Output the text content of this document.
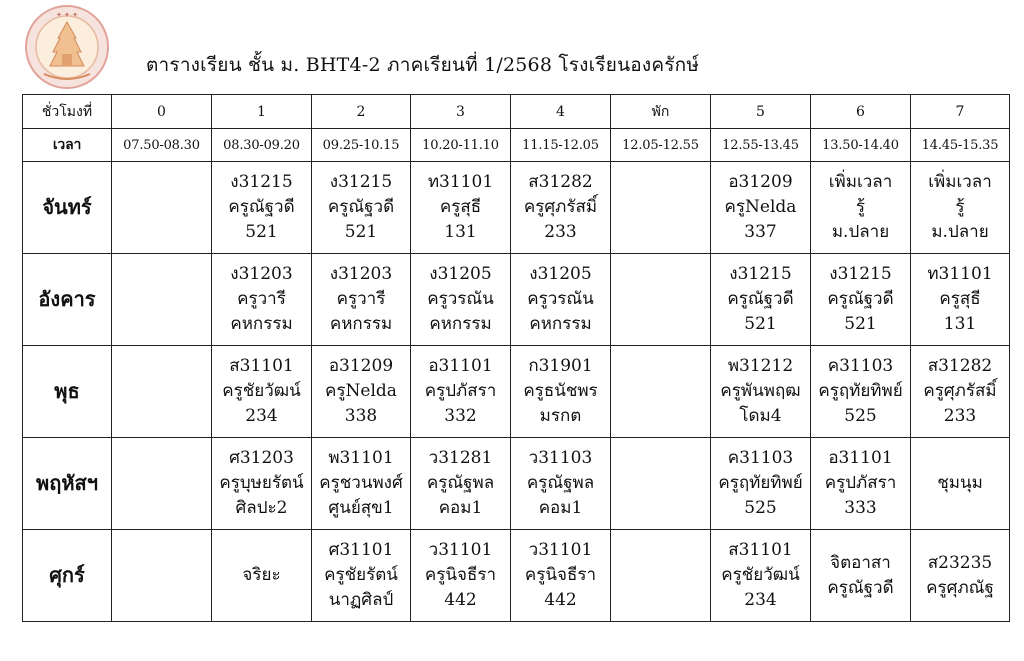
✦ ✦ ✦
ตารางเรียน ชั้น ม. BHT4-2 ภาคเรียนที่ 1/2568 โรงเรียนองครักษ์
ชั่วโมงที่	0	1	2	3	4	พัก	5	6	7
เวลา	07.50-08.30	08.30-09.20	09.25-10.15	10.20-11.10	11.15-12.05	12.05-12.55	12.55-13.45	13.50-14.40	14.45-15.35
จันทร์		ง31215
ครูณัฐวดี
521	ง31215
ครูณัฐวดี
521	ท31101
ครูสุธี
131	ส31282
ครูศุภรัสมิ์
233		อ31209
ครูNelda
337	เพิ่มเวลา
รู้
ม.ปลาย	เพิ่มเวลา
รู้
ม.ปลาย

อังคาร		ง31203
ครูวารี
คหกรรม	ง31203
ครูวารี
คหกรรม	ง31205
ครูวรณัน
คหกรรม	ง31205
ครูวรณัน
คหกรรม		ง31215
ครูณัฐวดี
521	ง31215
ครูณัฐวดี
521	ท31101
ครูสุธี
131

พุธ		ส31101
ครูชัยวัฒน์
234	อ31209
ครูNelda
338	อ31101
ครูปภัสรา
332	ก31901
ครูธนัชพร
มรกต		พ31212
ครูพันพฤฒ
โดม4	ค31103
ครูฤทัยทิพย์
525	ส31282
ครูศุภรัสมิ์
233

พฤหัสฯ		ศ31203
ครูบุษยรัตน์
ศิลปะ2	พ31101
ครูชวนพงศ์
ศูนย์สุข1	ว31281
ครูณัฐพล
คอม1	ว31103
ครูณัฐพล
คอม1		ค31103
ครูฤทัยทิพย์
525	อ31101
ครูปภัสรา
333	ชุมนุม

ศุกร์		จริยะ	ศ31101
ครูชัยรัตน์
นาฏศิลป์	ว31101
ครูนิจธีรา
442	ว31101
ครูนิจธีรา
442		ส31101
ครูชัยวัฒน์
234	จิตอาสา
ครูณัฐวดี	ส23235
ครูศุภณัฐ
